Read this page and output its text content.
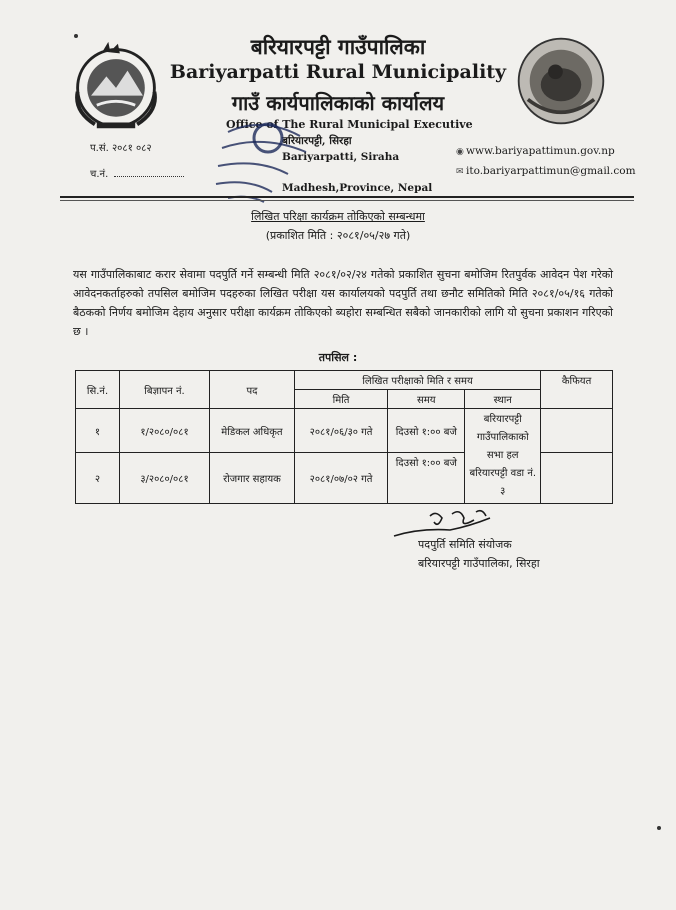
बरियारपट्टी गाउँपालिका
Bariyarpatti Rural Municipality
गाउँ कार्यपालिकाको कार्यालय
Office of The Rural Municipal Executive
बरियारपट्टी, सिरहा
Bariyarpatti, Siraha
Madhesh,Province, Nepal
प.सं. २०८१ ०८२
च.नं.
◉ www.bariyapattimun.gov.np
✉ ito.bariyarpattimun@gmail.com
लिखित परिक्षा कार्यक्रम तोकिएको सम्बन्धमा
(प्रकाशित मिति : २०८१/०५/२७ गते)
यस गाउँपालिकाबाट करार सेवामा पदपुर्ति गर्ने सम्बन्धी मिति २०८१/०२/२४ गतेको प्रकाशित सुचना बमोजिम रितपुर्वक आवेदन पेश गरेको आवेदनकर्ताहरुको तपसिल बमोजिम पदहरुका लिखित परीक्षा यस कार्यालयको पदपुर्ति तथा छनौट समितिको मिति २०८१/०५/१६ गतेको बैठकको निर्णय बमोजिम देहाय अनुसार परीक्षा कार्यक्रम तोकिएको ब्यहोरा सम्बन्धित सबैको जानकारीको लागि यो सुचना प्रकाशन गरिएको छ ।
तपसिल :
सि.नं.	बिज्ञापन नं.	पद	लिखित परीक्षाको मिति र समय			कैफियत
			मिति	समय	स्थान	
१	१/२०८०/०८१	मेडिकल अधिकृत	२०८१/०६/३० गते	दिउसो १:०० बजे	बरियारपट्टी गाउँपालिकाको सभा हल बरियारपट्टी वडा नं. ३	
२	३/२०८०/०८१	रोजगार सहायक	२०८१/०७/०२ गते	दिउसो १:०० बजे		
पदपुर्ति समिति संयोजक
बरियारपट्टी गाउँपालिका, सिरहा
